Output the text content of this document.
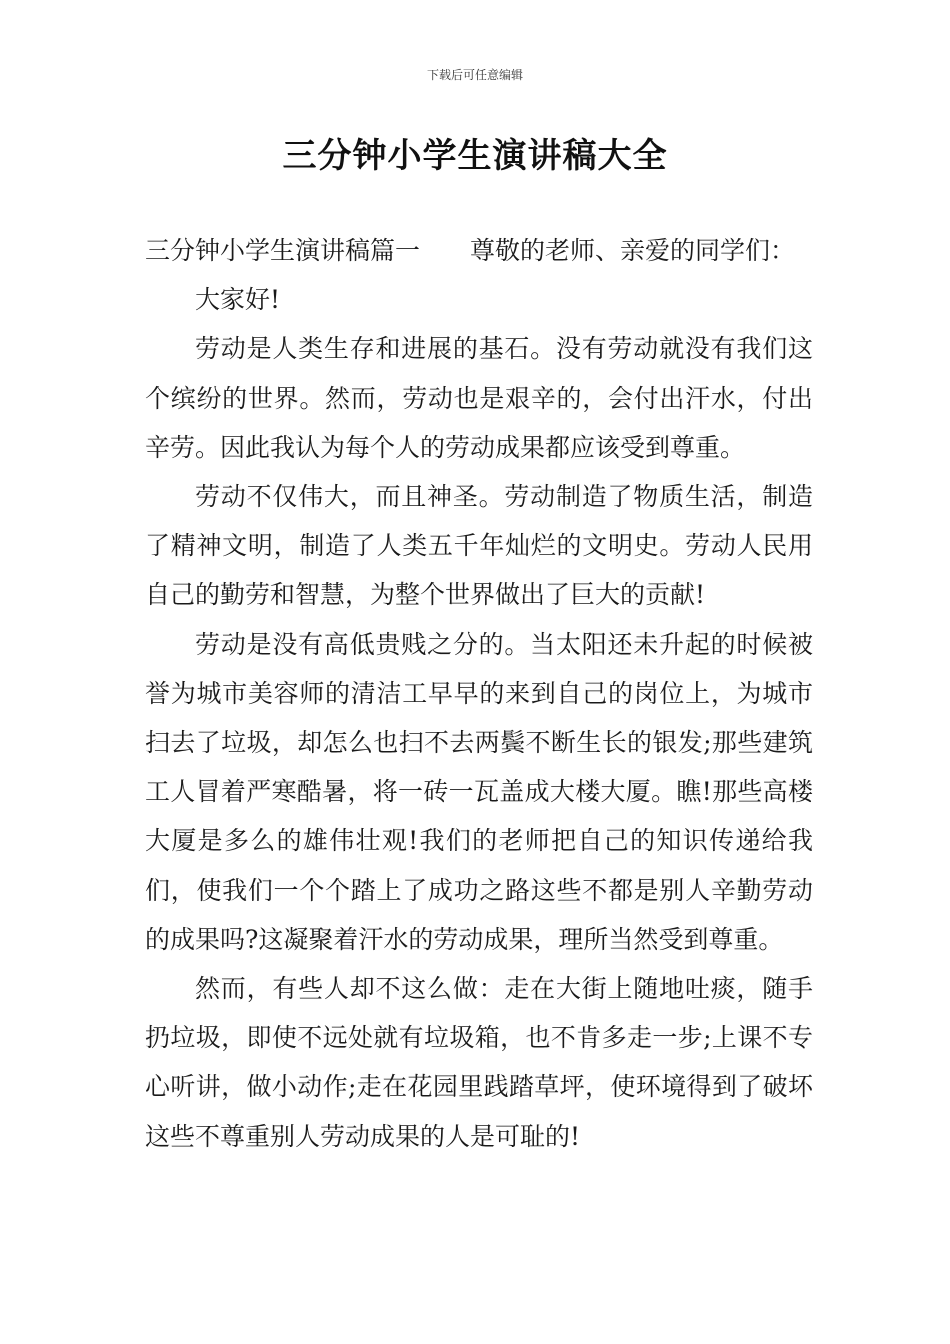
下载后可任意编辑
三分钟小学生演讲稿大全

三分钟小学生演讲稿篇一 尊敬的老师、亲爱的同学们：

大家好!

劳动是人类生存和进展的基石。没有劳动就没有我们这个缤纷的世界。然而，劳动也是艰辛的，会付出汗水，付出辛劳。因此我认为每个人的劳动成果都应该受到尊重。

劳动不仅伟大，而且神圣。劳动制造了物质生活，制造了精神文明，制造了人类五千年灿烂的文明史。劳动人民用自己的勤劳和智慧，为整个世界做出了巨大的贡献!

劳动是没有高低贵贱之分的。当太阳还未升起的时候被誉为城市美容师的清洁工早早的来到自己的岗位上，为城市扫去了垃圾，却怎么也扫不去两鬓不断生长的银发;那些建筑工人冒着严寒酷暑，将一砖一瓦盖成大楼大厦。瞧!那些高楼大厦是多么的雄伟壮观!我们的老师把自己的知识传递给我们，使我们一个个踏上了成功之路这些不都是别人辛勤劳动的成果吗?这凝聚着汗水的劳动成果，理所当然受到尊重。

然而，有些人却不这么做：走在大街上随地吐痰，随手扔垃圾，即使不远处就有垃圾箱，也不肯多走一步;上课不专心听讲，做小动作;走在花园里践踏草坪，使环境得到了破坏这些不尊重别人劳动成果的人是可耻的!
